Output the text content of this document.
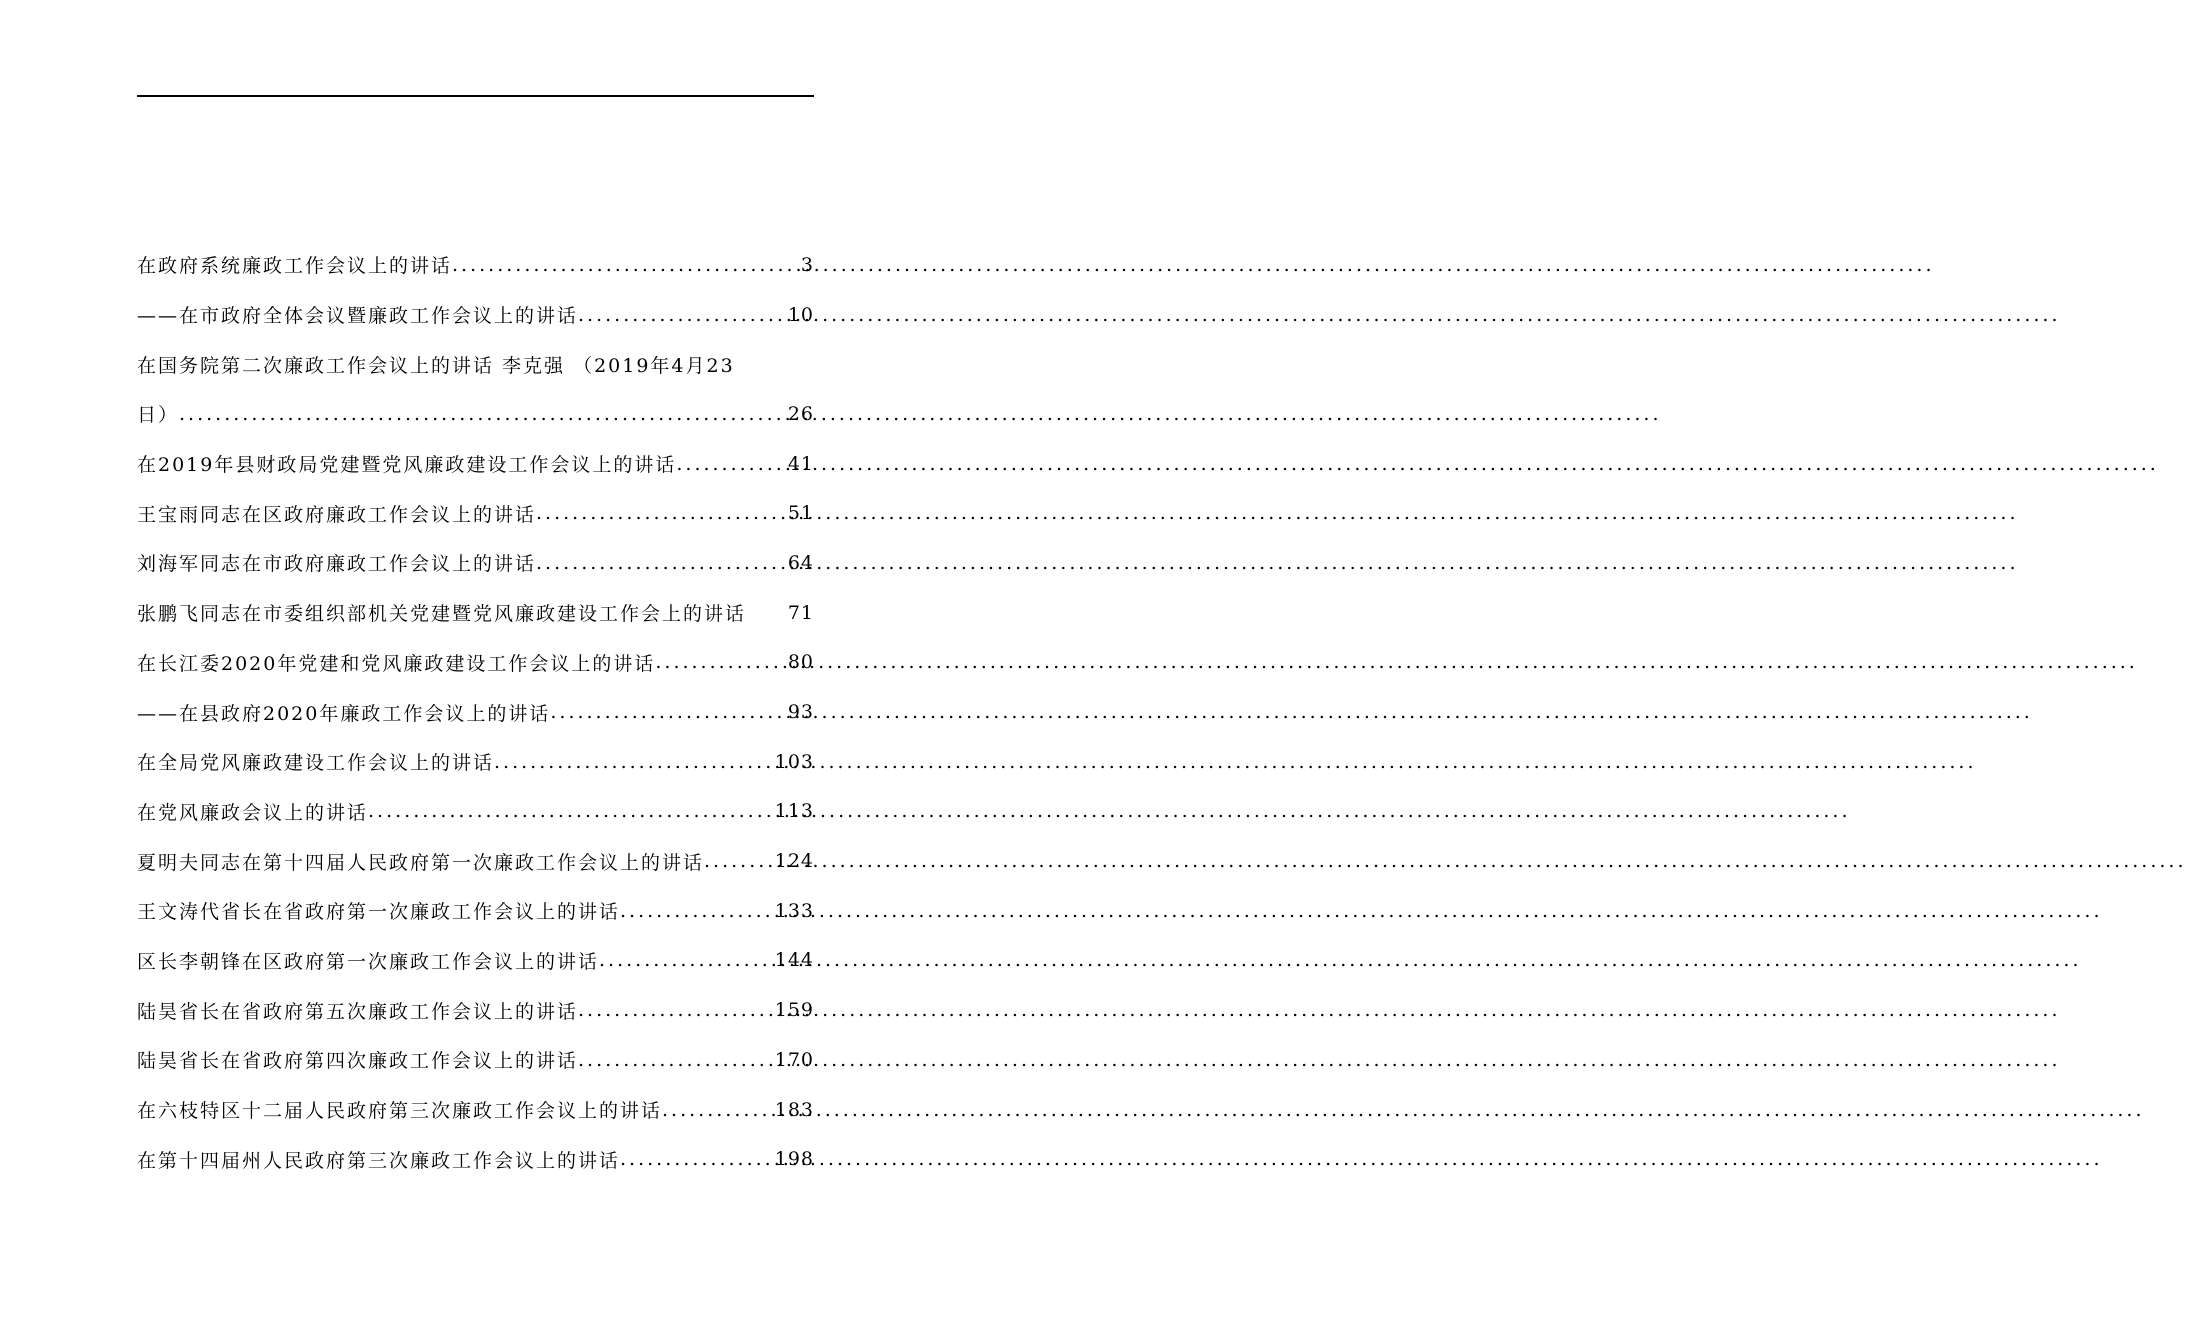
在政府系统廉政工作会议上的讲话 .....	3
——在市政府全体会议暨廉政工作会议上的讲话 .....	10
在国务院第二次廉政工作会议上的讲话 李克强 （2019年4月23
日） .....	26
在2019年县财政局党建暨党风廉政建设工作会议上的讲话 .....	41
王宝雨同志在区政府廉政工作会议上的讲话 .....	51
刘海军同志在市政府廉政工作会议上的讲话 .....	64
张鹏飞同志在市委组织部机关党建暨党风廉政建设工作会上的讲话 71
在长江委2020年党建和党风廉政建设工作会议上的讲话 .....	80
——在县政府2020年廉政工作会议上的讲话 .....	93
在全局党风廉政建设工作会议上的讲话 .....	103
在党风廉政会议上的讲话 .....	113
夏明夫同志在第十四届人民政府第一次廉政工作会议上的讲话 .....	124
王文涛代省长在省政府第一次廉政工作会议上的讲话 .....	133
区长李朝锋在区政府第一次廉政工作会议上的讲话 .....	144
陆昊省长在省政府第五次廉政工作会议上的讲话 .....	159
陆昊省长在省政府第四次廉政工作会议上的讲话 .....	170
在六枝特区十二届人民政府第三次廉政工作会议上的讲话 .....	183
在第十四届州人民政府第三次廉政工作会议上的讲话 .....	198
